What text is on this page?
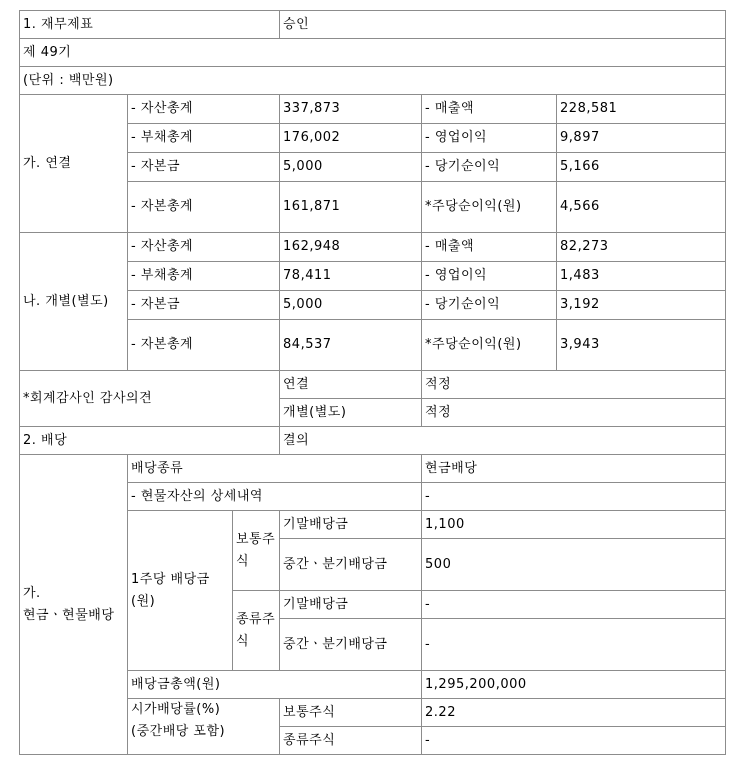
1. 재무제표			승인		
제 49기					
(단위 : 백만원)					
가. 연결	- 자산총계		337,873	- 매출액	228,581
	- 부채총계		176,002	- 영업이익	9,897
	- 자본금		5,000	- 당기순이익	5,166
	- 자본총계		161,871	*주당순이익(원)	4,566
나. 개별(별도)	- 자산총계		162,948	- 매출액	82,273
	- 부채총계		78,411	- 영업이익	1,483
	- 자본금		5,000	- 당기순이익	3,192
	- 자본총계		84,537	*주당순이익(원)	3,943
*회계감사인 감사의견			연결	적정	
			개별(별도)	적정	
2. 배당			결의		
가. 현금ㆍ현물배당	배당종류			현금배당	
	- 현물자산의 상세내역			-	
	1주당 배당금(원)	보통주식	기말배당금	1,100	
			중간ㆍ분기배당금	500	
		종류주식	기말배당금	-	
			중간ㆍ분기배당금	-	
	배당금총액(원)			1,295,200,000	
	시가배당률(%)(중간배당 포함)		보통주식	2.22	
			종류주식	-	
